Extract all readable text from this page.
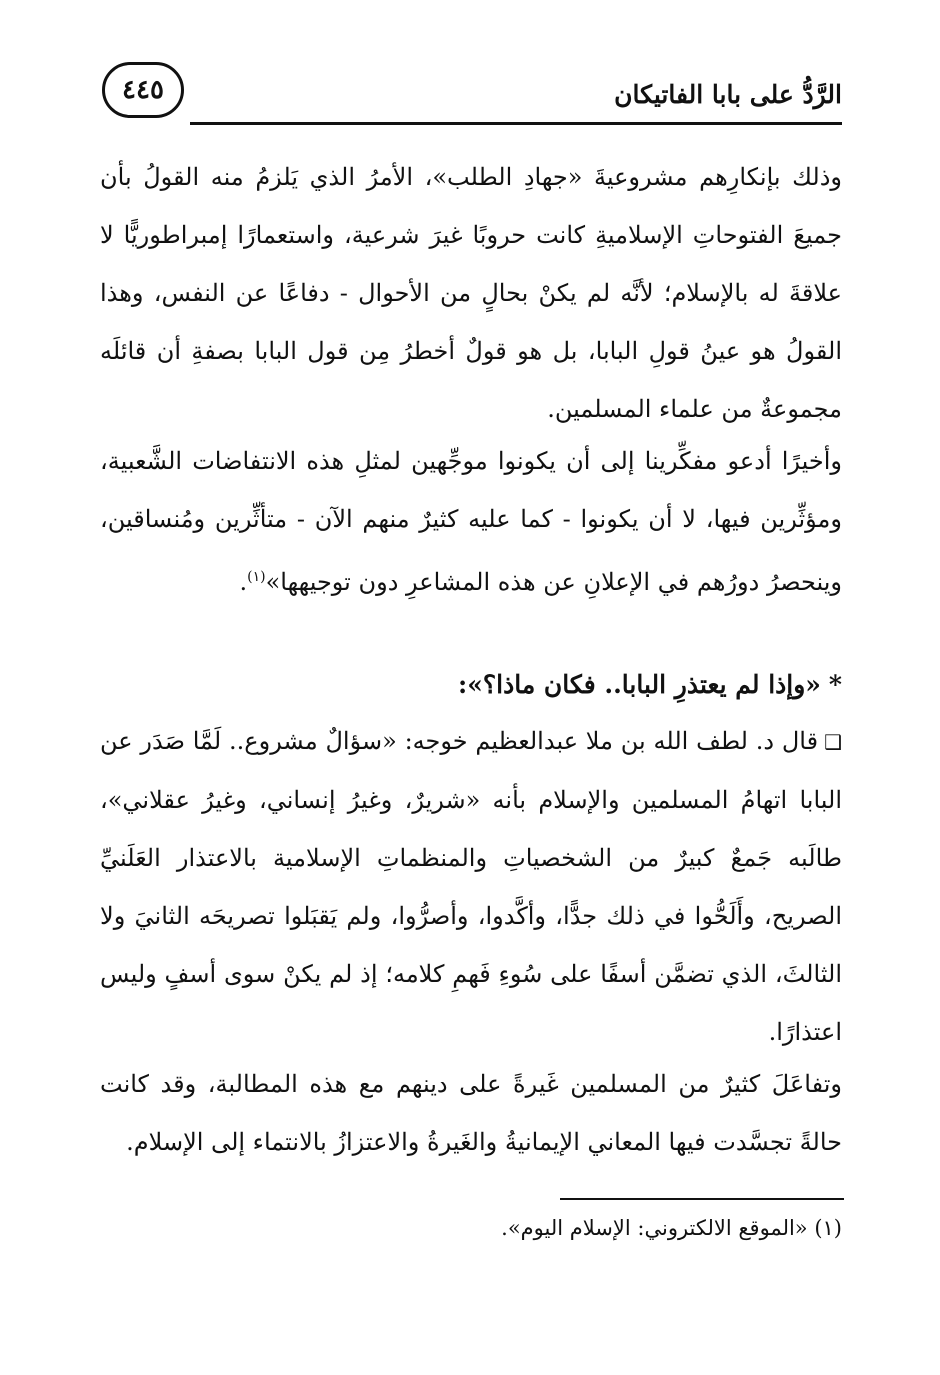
٤٤٥	الرَّدُّ على بابا الفاتيكان

وذلك بإنكارِهم مشروعيةَ «جهادِ الطلب»، الأمرُ الذي يَلزمُ منه القولُ بأن جميعَ الفتوحاتِ الإسلاميةِ كانت حروبًا غيرَ شرعية، واستعمارًا إمبراطوريًّا لا علاقةَ له بالإسلام؛ لأنَّه لم يكنْ بحالٍ من الأحوال - دفاعًا عن النفس، وهذا القولُ هو عينُ قولِ البابا، بل هو قولٌ أخطرُ مِن قول البابا بصفةِ أن قائلَه مجموعةٌ من علماء المسلمين.

وأخيرًا أدعو مفكِّرينا إلى أن يكونوا موجِّهين لمثلِ هذه الانتفاضات الشَّعبية، ومؤثِّرين فيها، لا أن يكونوا - كما عليه كثيرٌ منهم الآن - متأثِّرين ومُنساقين، وينحصرُ دورُهم في الإعلانِ عن هذه المشاعرِ دون توجيهها»$^{(١)}$.

*«وإذا لم يعتذرِ البابا.. فكان ماذا؟»:

❑قال د. لطف الله بن ملا عبدالعظيم خوجه: «سؤالٌ مشروع.. لَمَّا صَدَر عن البابا اتهامُ المسلمين والإسلام بأنه «شريرٌ، وغيرُ إنساني، وغيرُ عقلاني»، طالَبه جَمعٌ كبيرٌ من الشخصياتِ والمنظماتِ الإسلامية بالاعتذار العَلَنيِّ الصريح، وأَلَحُّوا في ذلك جدًّا، وأكَّدوا، وأصرُّوا، ولم يَقبَلوا تصريحَه الثانيَ ولا الثالثَ، الذي تضمَّن أسفًا على سُوءِ فَهمِ كلامه؛ إذ لم يكنْ سوى أسفٍ وليس اعتذارًا.

وتفاعَلَ كثيرٌ من المسلمين غَيرةً على دينهم مع هذه المطالبة، وقد كانت حالةً تجسَّدت فيها المعاني الإيمانيةُ والغَيرةُ والاعتزازُ بالانتماء إلى الإسلام.

(١) «الموقع الالكتروني: الإسلام اليوم».
